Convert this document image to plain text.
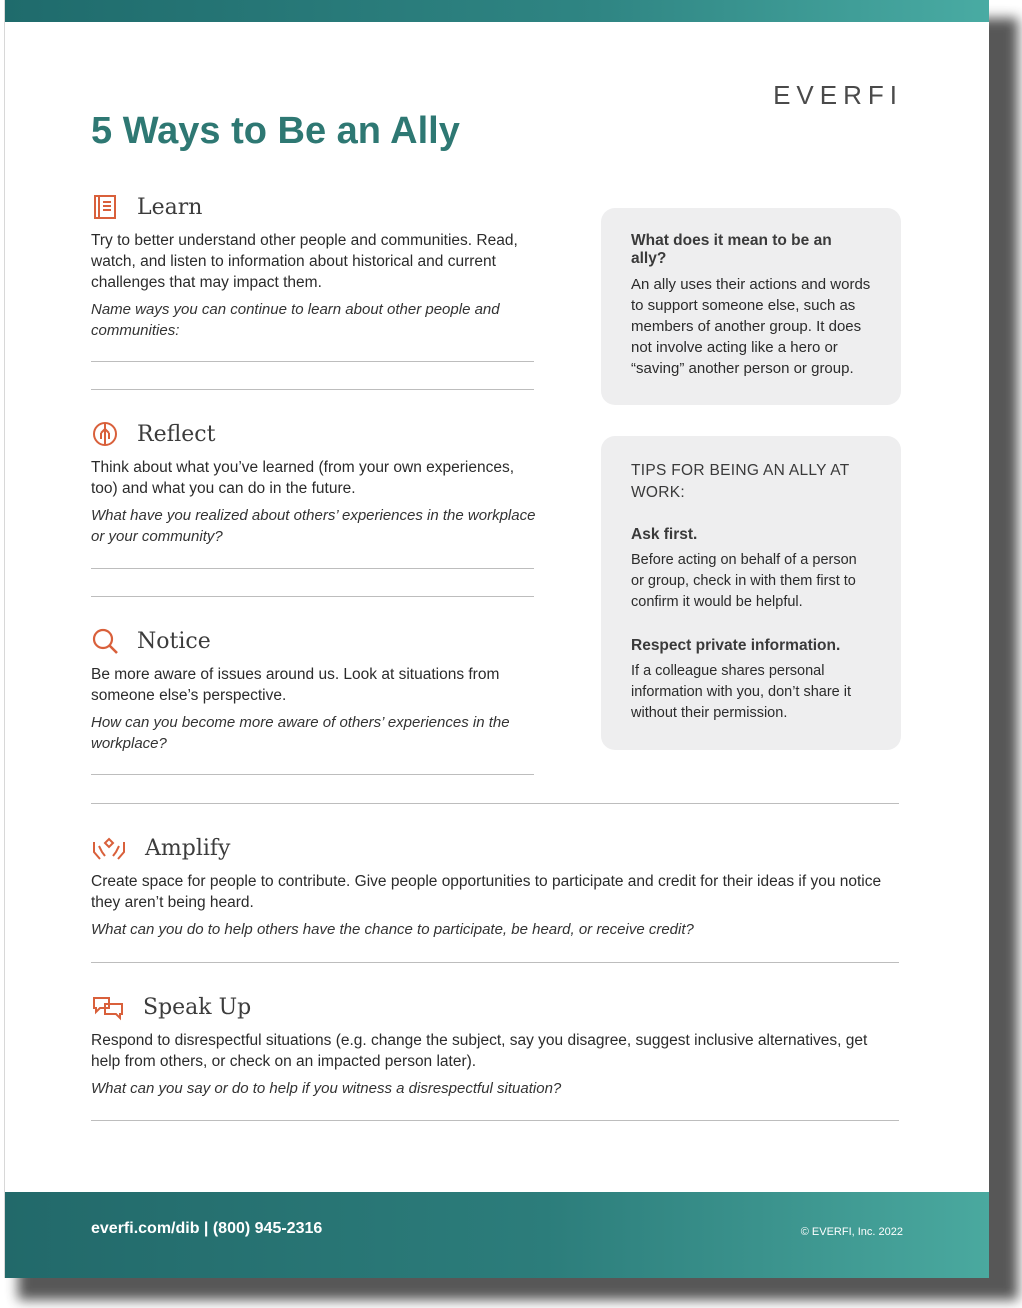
EVERFI
5 Ways to Be an Ally
Learn
Try to better understand other people and communities. Read, watch, and listen to information about historical and current challenges that may impact them.
Name ways you can continue to learn about other people and communities:
Reflect
Think about what you’ve learned (from your own experiences, too) and what you can do in the future.
What have you realized about others’ experiences in the workplace or your community?
Notice
Be more aware of issues around us. Look at situations from someone else’s perspective.
How can you become more aware of others’ experiences in the workplace?
Amplify
Create space for people to contribute. Give people opportunities to participate and credit for their ideas if you notice they aren’t being heard.
What can you do to help others have the chance to participate, be heard, or receive credit?
Speak Up
Respond to disrespectful situations (e.g. change the subject, say you disagree, suggest inclusive alternatives, get help from others, or check on an impacted person later).
What can you say or do to help if you witness a disrespectful situation?
What does it mean to be an ally?
An ally uses their actions and words to support someone else, such as members of another group. It does not involve acting like a hero or “saving” another person or group.
TIPS FOR BEING AN ALLY AT WORK:
Ask first.
Before acting on behalf of a person or group, check in with them first to confirm it would be helpful.
Respect private information.
If a colleague shares personal information with you, don’t share it without their permission.
everfi.com/dib | (800) 945-2316	© EVERFI, Inc. 2022
